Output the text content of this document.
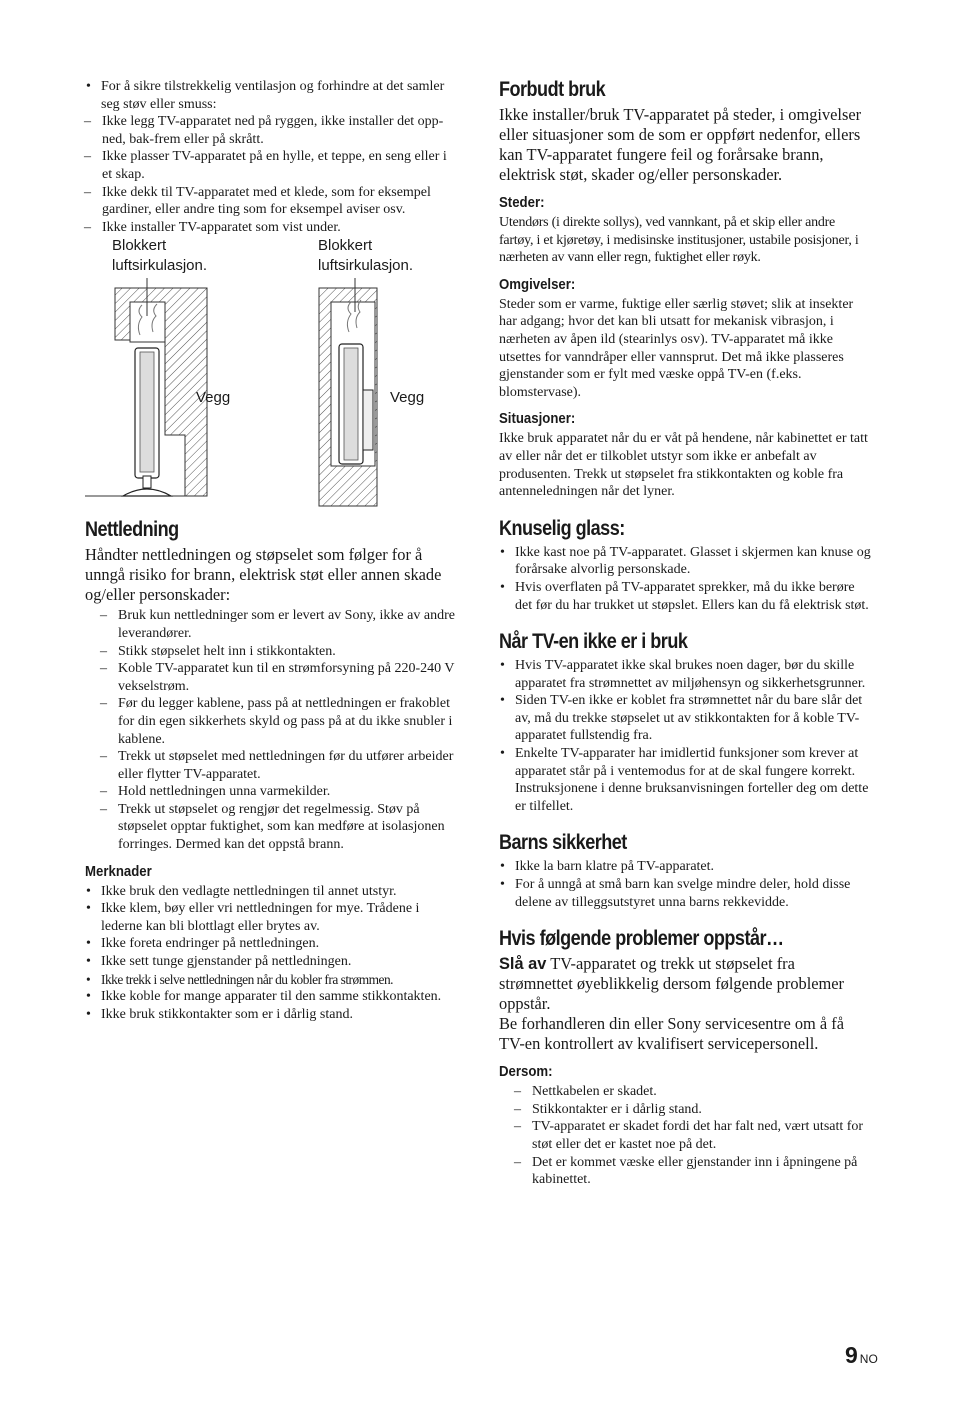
• For å sikre tilstrekkelig ventilasjon og forhindre at det samler seg støv eller smuss:
– Ikke legg TV-apparatet ned på ryggen, ikke installer det opp-ned, bak-frem eller på skrått.
– Ikke plasser TV-apparatet på en hylle, et teppe, en seng eller i et skap.
– Ikke dekk til TV-apparatet med et klede, som for eksempel gardiner, eller andre ting som for eksempel aviser osv.
– Ikke installer TV-apparatet som vist under.
Blokkert
luftsirkulasjon.
Blokkert
luftsirkulasjon.
Vegg	Vegg
Nettledning

Håndter nettledningen og støpselet som følger for å unngå risiko for brann, elektrisk støt eller annen skade og/eller personskader:

– Bruk kun nettledninger som er levert av Sony, ikke av andre leverandører.
– Stikk støpselet helt inn i stikkontakten.
– Koble TV-apparatet kun til en strømforsyning på 220-240 V vekselstrøm.
– Før du legger kablene, pass på at nettledningen er frakoblet for din egen sikkerhets skyld og pass på at du ikke snubler i kablene.
– Trekk ut støpselet med nettledningen før du utfører arbeider eller flytter TV-apparatet.
– Hold nettledningen unna varmekilder.
– Trekk ut støpselet og rengjør det regelmessig. Støv på støpselet opptar fuktighet, som kan medføre at isolasjonen forringes. Dermed kan det oppstå brann.
Merknader
• Ikke bruk den vedlagte nettledningen til annet utstyr.
• Ikke klem, bøy eller vri nettledningen for mye. Trådene i lederne kan bli blottlagt eller brytes av.
• Ikke foreta endringer på nettledningen.
• Ikke sett tunge gjenstander på nettledningen.
• Ikke trekk i selve nettledningen når du kobler fra strømmen.
• Ikke koble for mange apparater til den samme stikkontakten.
• Ikke bruk stikkontakter som er i dårlig stand.
Forbudt bruk

Ikke installer/bruk TV-apparatet på steder, i omgivelser eller situasjoner som de som er oppført nedenfor, ellers kan TV-apparatet fungere feil og forårsake brann, elektrisk støt, skader og/eller personskader.

Steder:

Utendørs (i direkte sollys), ved vannkant, på et skip eller andre fartøy, i et kjøretøy, i medisinske institusjoner, ustabile posisjoner, i nærheten av vann eller regn, fuktighet eller røyk.

Omgivelser:

Steder som er varme, fuktige eller særlig støvet; slik at insekter har adgang; hvor det kan bli utsatt for mekanisk vibrasjon, i nærheten av åpen ild (stearinlys osv). TV-apparatet må ikke utsettes for vanndråper eller vannsprut. Det må ikke plasseres gjenstander som er fylt med væske oppå TV-en (f.eks. blomstervase).

Situasjoner:

Ikke bruk apparatet når du er våt på hendene, når kabinettet er tatt av eller når det er tilkoblet utstyr som ikke er anbefalt av produsenten. Trekk ut støpselet fra stikkontakten og koble fra antenneledningen når det lyner.

Knuselig glass:
• Ikke kast noe på TV-apparatet. Glasset i skjermen kan knuse og forårsake alvorlig personskade.
• Hvis overflaten på TV-apparatet sprekker, må du ikke berøre det før du har trukket ut støpslet. Ellers kan du få elektrisk støt.
Når TV-en ikke er i bruk
• Hvis TV-apparatet ikke skal brukes noen dager, bør du skille apparatet fra strømnettet av miljøhensyn og sikkerhetsgrunner.
• Siden TV-en ikke er koblet fra strømnettet når du bare slår det av, må du trekke støpselet ut av stikkontakten for å koble TV-apparatet fullstendig fra.
• Enkelte TV-apparater har imidlertid funksjoner som krever at apparatet står på i ventemodus for at de skal fungere korrekt. Instruksjonene i denne bruksanvisningen forteller deg om dette er tilfellet.
Barns sikkerhet
• Ikke la barn klatre på TV-apparatet.
• For å unngå at små barn kan svelge mindre deler, hold disse delene av tilleggsutstyret unna barns rekkevidde.
Hvis følgende problemer oppstår…

Slå av TV-apparatet og trekk ut støpselet fra strømnettet øyeblikkelig dersom følgende problemer oppstår.

Be forhandleren din eller Sony servicesentre om å få TV-en kontrollert av kvalifisert servicepersonell.

Dersom:
– Nettkabelen er skadet.
– Stikkontakter er i dårlig stand.
– TV-apparatet er skadet fordi det har falt ned, vært utsatt for støt eller det er kastet noe på det.
– Det er kommet væske eller gjenstander inn i åpningene på kabinettet.
9 NO
